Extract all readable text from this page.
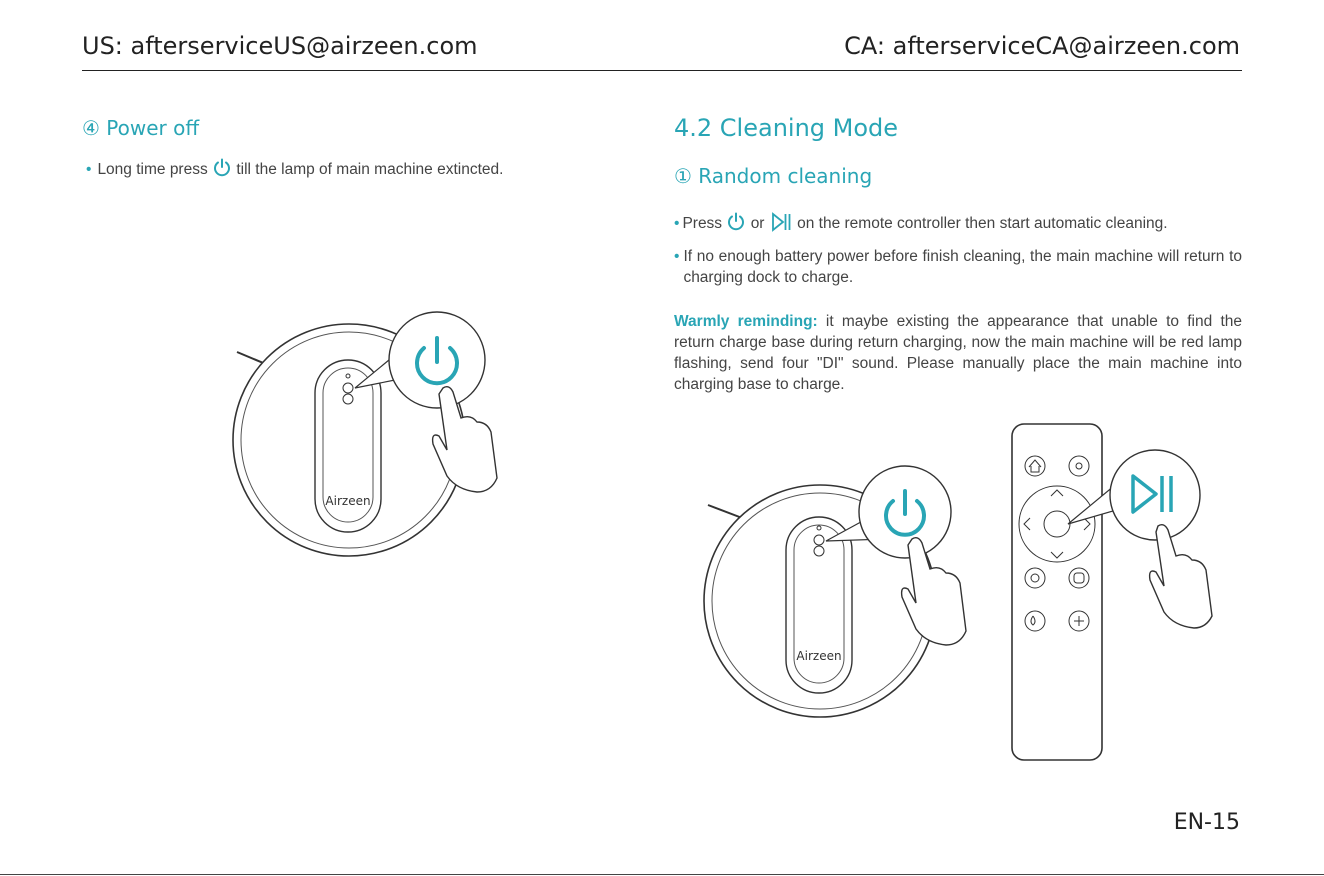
US: afterserviceUS@airzeen.com	CA: afterserviceCA@airzeen.com
④ Power off
• Long time press till the lamp of main machine extincted.
Airzeen
4.2 Cleaning Mode
① Random cleaning
• Press or on the remote controller then start automatic cleaning.
• If no enough battery power before finish cleaning, the main machine will return to charging dock to charge.
Warmly reminding: it maybe existing the appearance that unable to find the return charge base during return charging, now the main machine will be red lamp flashing, send four "DI" sound. Please manually place the main machine into charging base to charge.
Airzeen
EN-15
